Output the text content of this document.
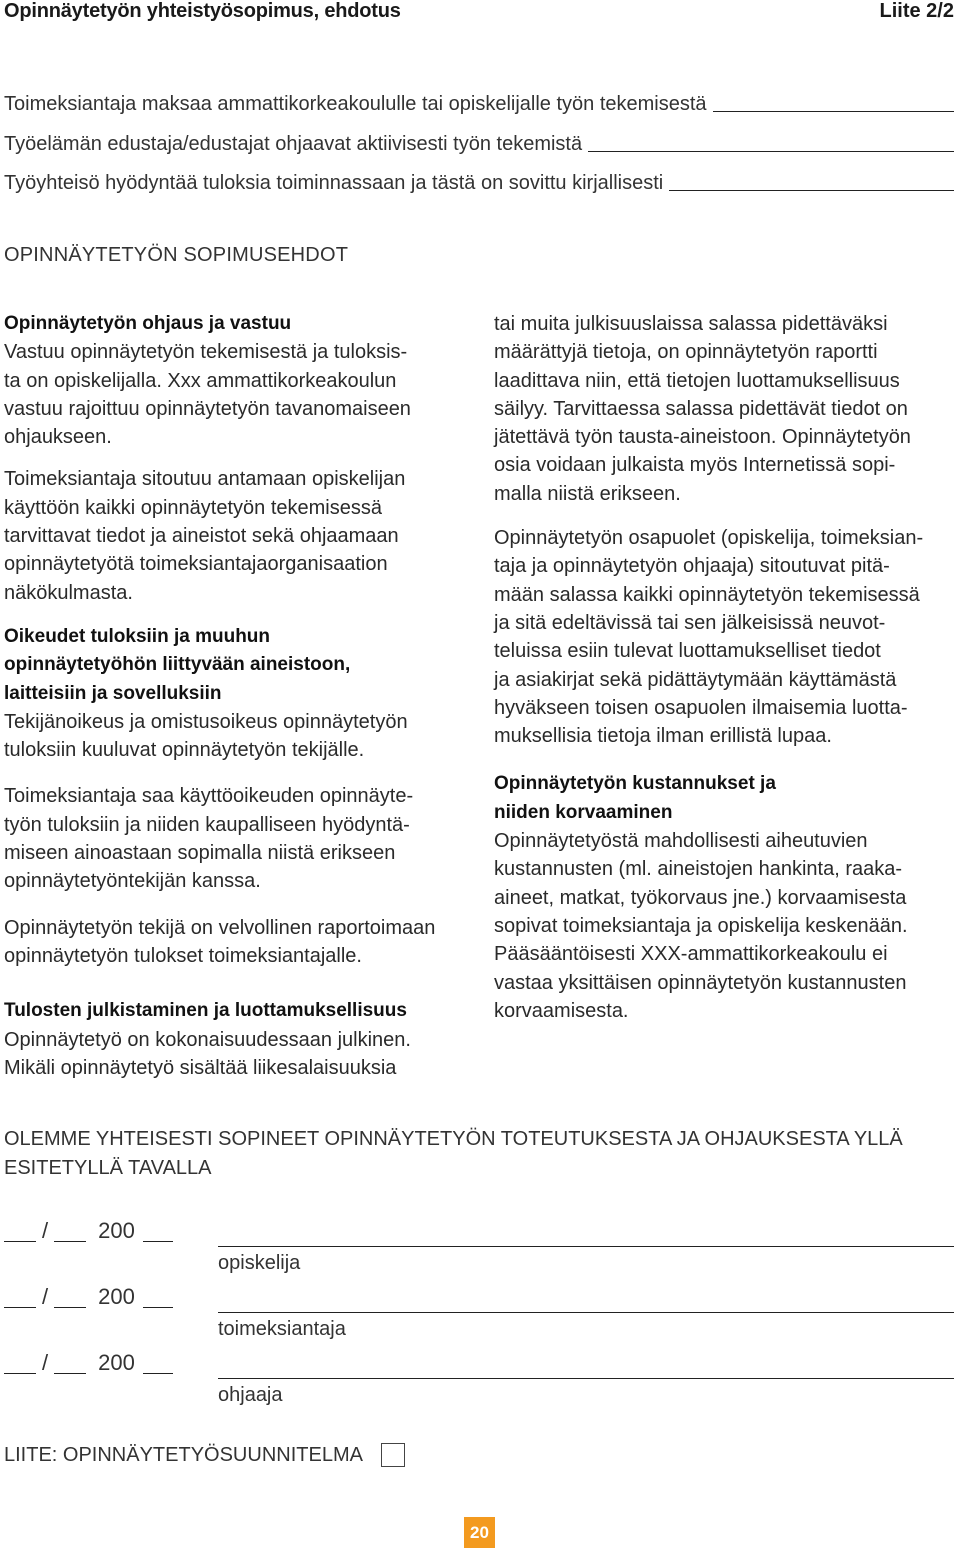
Opinnäytetyön yhteistyösopimus, ehdotus	Liite 2/2
Toimeksiantaja maksaa ammattikorkeakoululle tai opiskelijalle työn tekemisestä
Työelämän edustaja/edustajat ohjaavat aktiivisesti työn tekemistä
Työyhteisö hyödyntää tuloksia toiminnassaan ja tästä on sovittu kirjallisesti
OPINNÄYTETYÖN SOPIMUSEHDOT
Opinnäytetyön ohjaus ja vastuu

Vastuu opinnäytetyön tekemisestä ja tuloksis-
ta on opiskelijalla. Xxx ammattikorkeakoulun
vastuu rajoittuu opinnäytetyön tavanomaiseen
ohjaukseen.

Toimeksiantaja sitoutuu antamaan opiskelijan
käyttöön kaikki opinnäytetyön tekemisessä
tarvittavat tiedot ja aineistot sekä ohjaamaan
opinnäytetyötä toimeksiantajaorganisaation
näkökulmasta.

Oikeudet tuloksiin ja muuhun
opinnäytetyöhön liittyvään aineistoon,
laitteisiin ja sovelluksiin

Tekijänoikeus ja omistusoikeus opinnäytetyön
tuloksiin kuuluvat opinnäytetyön tekijälle.

Toimeksiantaja saa käyttöoikeuden opinnäyte-
työn tuloksiin ja niiden kaupalliseen hyödyntä-
miseen ainoastaan sopimalla niistä erikseen
opinnäytetyöntekijän kanssa.

Opinnäytetyön tekijä on velvollinen raportoimaan
opinnäytetyön tulokset toimeksiantajalle.

Tulosten julkistaminen ja luottamuksellisuus

Opinnäytetyö on kokonaisuudessaan julkinen.
Mikäli opinnäytetyö sisältää liikesalaisuuksia

tai muita julkisuuslaissa salassa pidettäväksi
määrättyjä tietoja, on opinnäytetyön raportti
laadittava niin, että tietojen luottamuksellisuus
säilyy. Tarvittaessa salassa pidettävät tiedot on
jätettävä työn tausta-aineistoon. Opinnäytetyön
osia voidaan julkaista myös Internetissä sopi-
malla niistä erikseen.

Opinnäytetyön osapuolet (opiskelija, toimeksian-
taja ja opinnäytetyön ohjaaja) sitoutuvat pitä-
mään salassa kaikki opinnäytetyön tekemisessä
ja sitä edeltävissä tai sen jälkeisissä neuvot-
teluissa esiin tulevat luottamukselliset tiedot
ja asiakirjat sekä pidättäytymään käyttämästä
hyväkseen toisen osapuolen ilmaisemia luotta-
muksellisia tietoja ilman erillistä lupaa.

Opinnäytetyön kustannukset ja
niiden korvaaminen

Opinnäytetyöstä mahdollisesti aiheutuvien
kustannusten (ml. aineistojen hankinta, raaka-
aineet, matkat, työkorvaus jne.) korvaamisesta
sopivat toimeksiantaja ja opiskelija keskenään.
Pääsääntöisesti XXX-ammattikorkeakoulu ei
vastaa yksittäisen opinnäytetyön kustannusten
korvaamisesta.

OLEMME YHTEISESTI SOPINEET OPINNÄYTETYÖN TOTEUTUKSESTA JA OHJAUKSESTA YLLÄ
ESITETYLLÄ TAVALLA
/ 200
opiskelija
/ 200
toimeksiantaja
/ 200
ohjaaja
LIITE: OPINNÄYTETYÖSUUNNITELMA
20
